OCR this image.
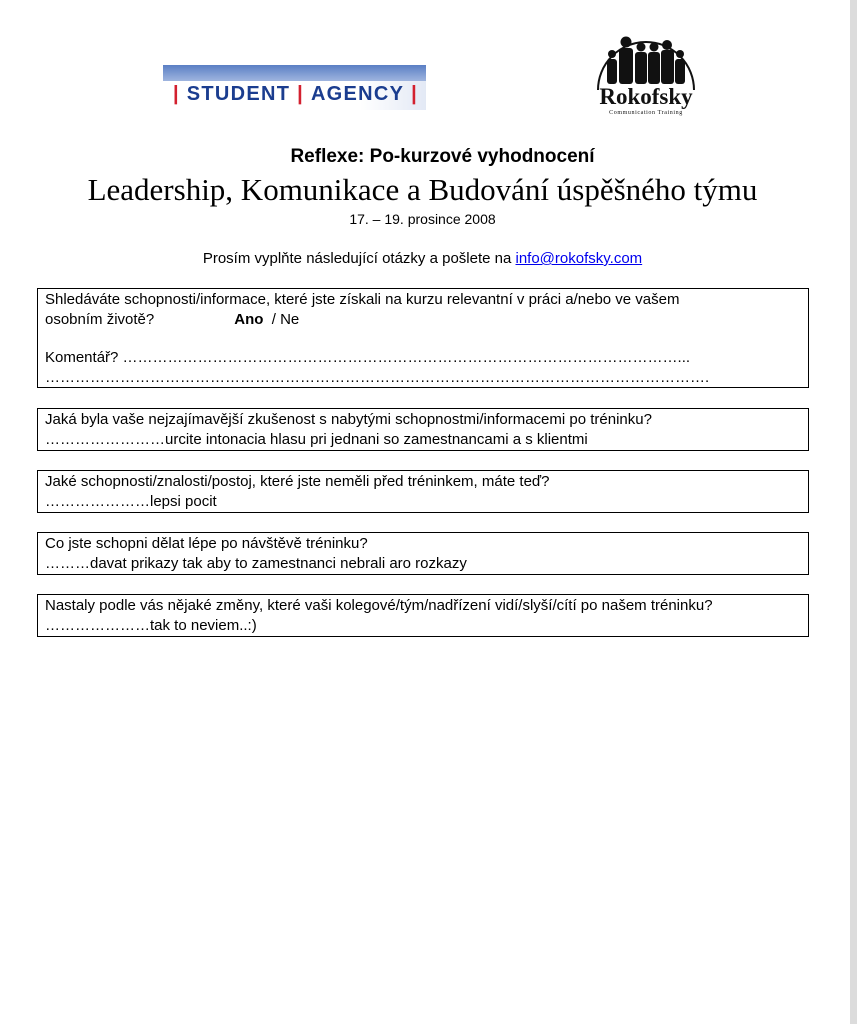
| STUDENT | AGENCY |	Rokofsky
Communication Training
Reflexe: Po-kurzové vyhodnocení
Leadership, Komunikace a Budování úspěšného týmu
17. – 19. prosince 2008
Prosím vyplňte následující otázky a pošlete na info@rokofsky.com
Shledáváte schopnosti/informace, které jste získali na kurzu relevantní v práci a/nebo ve vašem
osobním životě?	Ano / Ne
Komentář? …………………………………………………………………………………………………...
…………………………………………………………………………………………………………………….
Jaká byla vaše nejzajímavější zkušenost s nabytými schopnostmi/informacemi po tréninku?
……………………urcite intonacia hlasu pri jednani so zamestnancami a s klientmi
Jaké schopnosti/znalosti/postoj, které jste neměli před tréninkem, máte teď?
…………………lepsi pocit
Co jste schopni dělat lépe po návštěvě tréninku?
………davat prikazy tak aby to zamestnanci nebrali aro rozkazy
Nastaly podle vás nějaké změny, které vaši kolegové/tým/nadřízení vidí/slyší/cítí po našem tréninku?
…………………tak to neviem..:)
